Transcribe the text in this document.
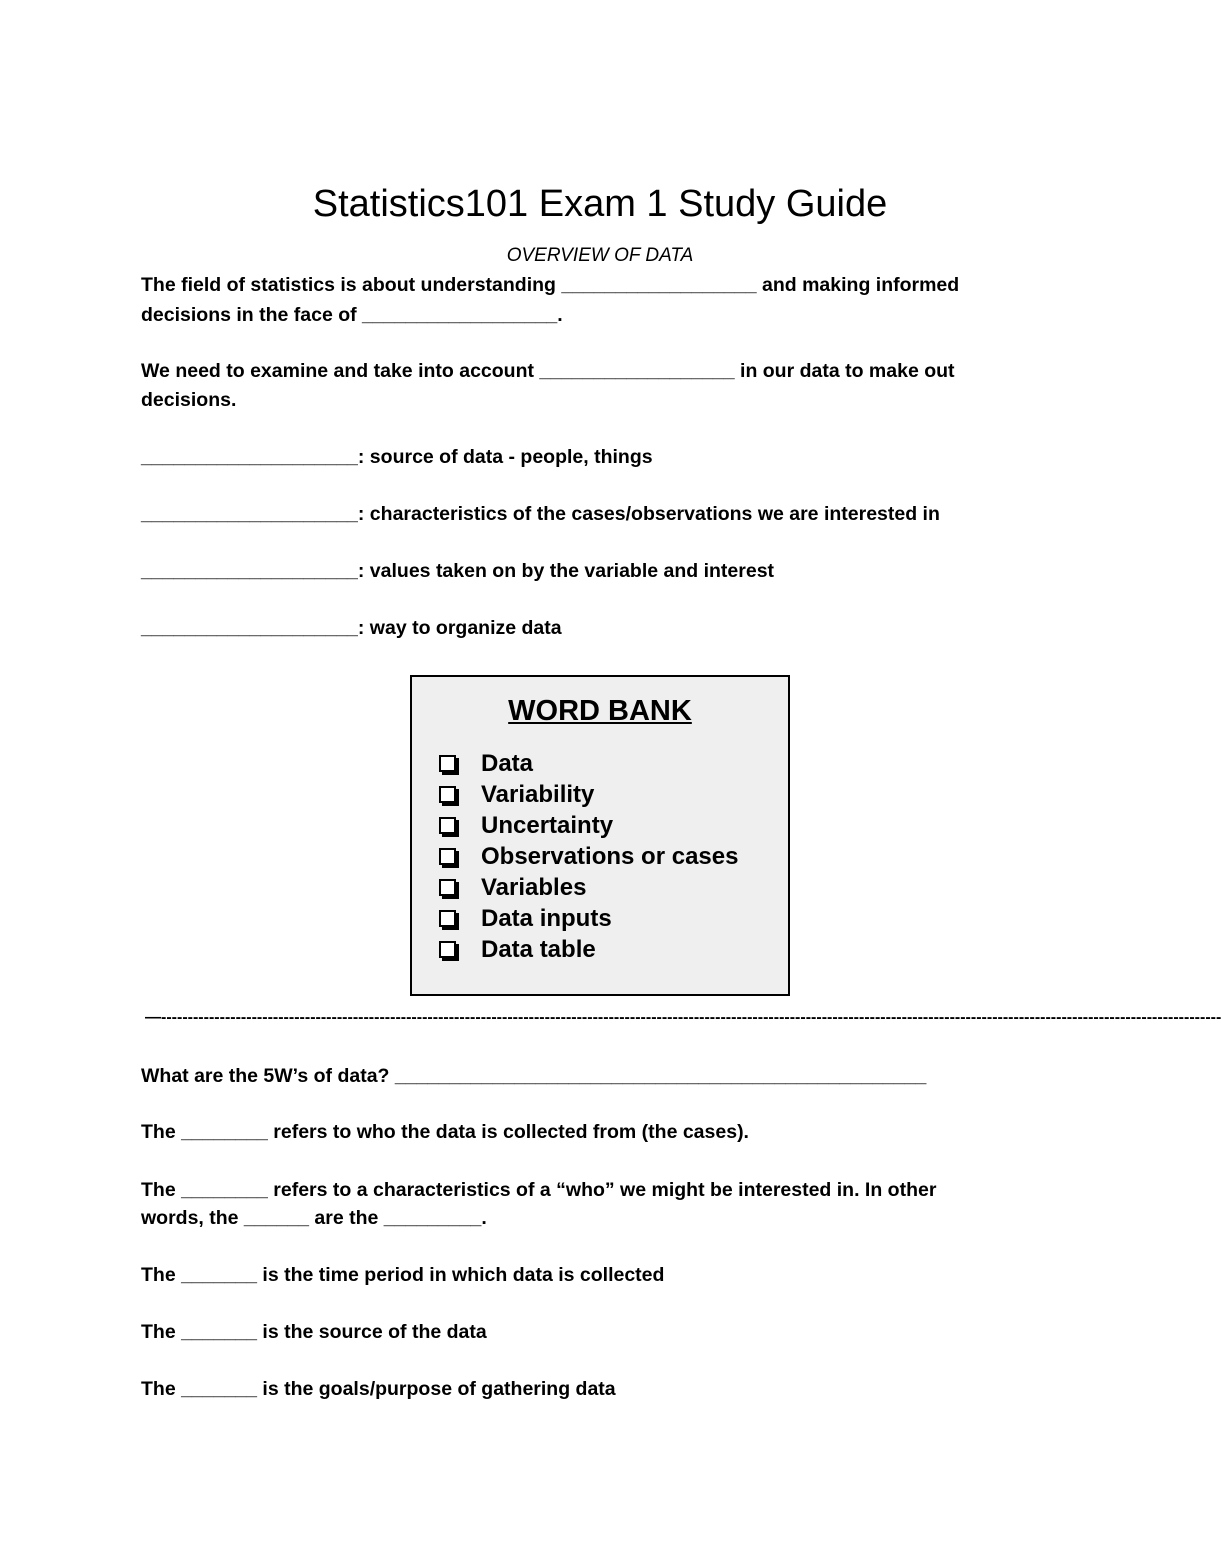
Statistics101 Exam 1 Study Guide
OVERVIEW OF DATA
The field of statistics is about understanding __________________ and making informed
decisions in the face of __________________.
We need to examine and take into account __________________ in our data to make out
decisions.
____________________: source of data - people, things
____________________: characteristics of the cases/observations we are interested in
____________________: values taken on by the variable and interest
____________________: way to organize data
WORD BANK
Data
Variability
Uncertainty
Observations or cases
Variables
Data inputs
Data table
—-------------------------------------------------------------------------------------------------------------------------------------------------------------------------------------------------------
What are the 5W’s of data? _________________________________________________
The ________ refers to who the data is collected from (the cases).
The ________ refers to a characteristics of a “who” we might be interested in. In other
words, the ______ are the _________.
The _______ is the time period in which data is collected
The _______ is the source of the data
The _______ is the goals/purpose of gathering data
